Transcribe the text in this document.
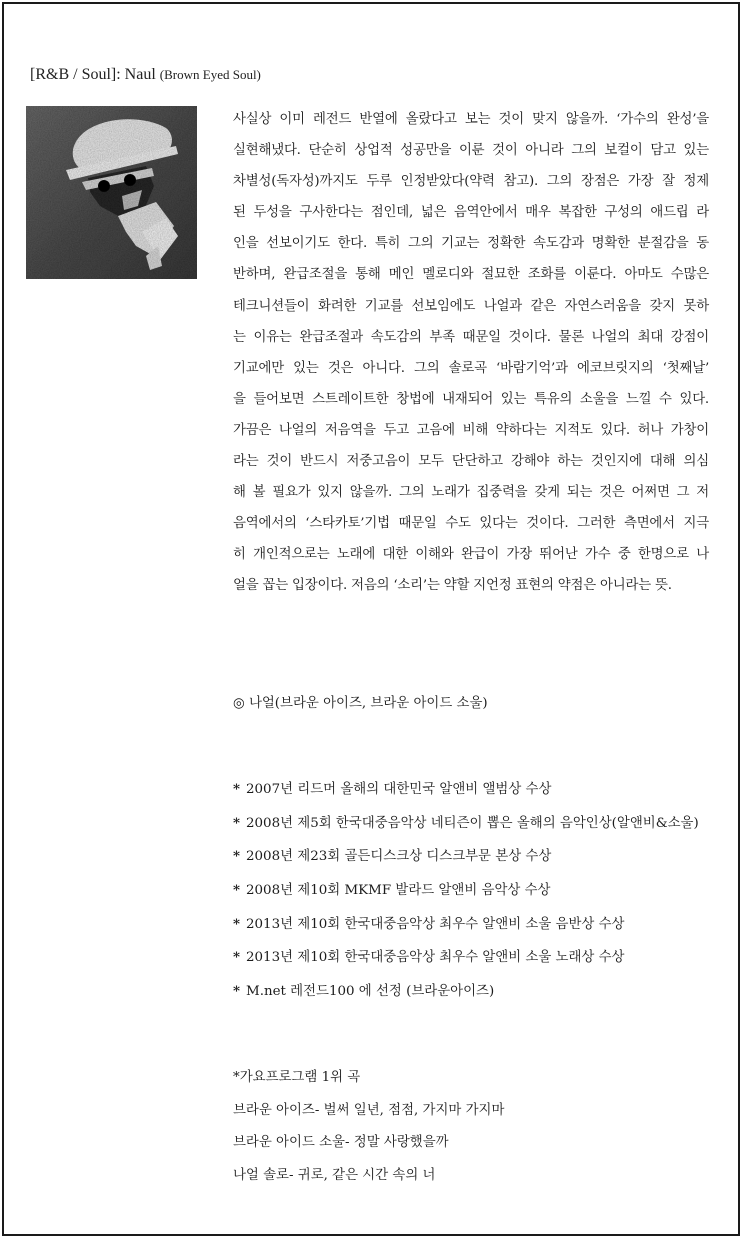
[R&B / Soul]: Naul (Brown Eyed Soul)
사실상 이미 레전드 반열에 올랐다고 보는 것이 맞지 않을까. ‘가수의 완성’을
실현해냈다. 단순히 상업적 성공만을 이룬 것이 아니라 그의 보컬이 담고 있는
차별성(독자성)까지도 두루 인정받았다(약력 참고). 그의 장점은 가장 잘 정제
된 두성을 구사한다는 점인데, 넓은 음역안에서 매우 복잡한 구성의 애드립 라
인을 선보이기도 한다. 특히 그의 기교는 정확한 속도감과 명확한 분절감을 동
반하며, 완급조절을 통해 메인 멜로디와 절묘한 조화를 이룬다. 아마도 수많은
테크니션들이 화려한 기교를 선보임에도 나얼과 같은 자연스러움을 갖지 못하
는 이유는 완급조절과 속도감의 부족 때문일 것이다. 물론 나얼의 최대 강점이
기교에만 있는 것은 아니다. 그의 솔로곡 ‘바람기억’과 에코브릿지의 ‘첫째날’
을 들어보면 스트레이트한 창법에 내재되어 있는 특유의 소울을 느낄 수 있다.
가끔은 나얼의 저음역을 두고 고음에 비해 약하다는 지적도 있다. 허나 가창이
라는 것이 반드시 저중고음이 모두 단단하고 강해야 하는 것인지에 대해 의심
해 볼 필요가 있지 않을까. 그의 노래가 집중력을 갖게 되는 것은 어쩌면 그 저
음역에서의 ‘스타카토’기법 때문일 수도 있다는 것이다. 그러한 측면에서 지극
히 개인적으로는 노래에 대한 이해와 완급이 가장 뛰어난 가수 중 한명으로 나
얼을 꼽는 입장이다. 저음의 ‘소리’는 약할 지언정 표현의 약점은 아니라는 뜻.
◎ 나얼(브라운 아이즈, 브라운 아이드 소울)
* 2007년 리드머 올해의 대한민국 알앤비 앨범상 수상
* 2008년 제5회 한국대중음악상 네티즌이 뽑은 올해의 음악인상(알앤비&소울)
* 2008년 제23회 골든디스크상 디스크부문 본상 수상
* 2008년 제10회 MKMF 발라드 알앤비 음악상 수상
* 2013년 제10회 한국대중음악상 최우수 알앤비 소울 음반상 수상
* 2013년 제10회 한국대중음악상 최우수 알앤비 소울 노래상 수상
* M.net 레전드100 에 선정 (브라운아이즈)
*가요프로그램 1위 곡
브라운 아이즈- 벌써 일년, 점점, 가지마 가지마
브라운 아이드 소울- 정말 사랑했을까
나얼 솔로- 귀로, 같은 시간 속의 너
